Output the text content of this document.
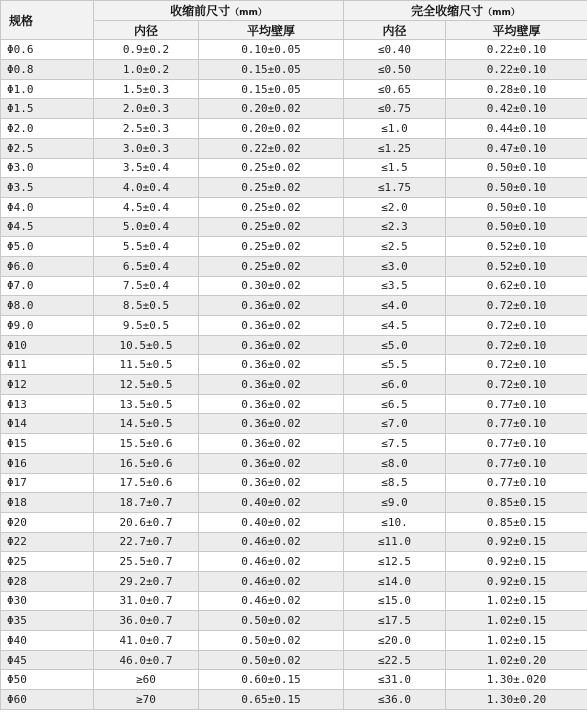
规格	收缩前尺寸（mm）		完全收缩尺寸（mm）	
	内径	平均壁厚	内径	平均壁厚
Φ0.6	0.9±0.2	0.10±0.05	≤0.40	0.22±0.10
Φ0.8	1.0±0.2	0.15±0.05	≤0.50	0.22±0.10
Φ1.0	1.5±0.3	0.15±0.05	≤0.65	0.28±0.10
Φ1.5	2.0±0.3	0.20±0.02	≤0.75	0.42±0.10
Φ2.0	2.5±0.3	0.20±0.02	≤1.0	0.44±0.10
Φ2.5	3.0±0.3	0.22±0.02	≤1.25	0.47±0.10
Φ3.0	3.5±0.4	0.25±0.02	≤1.5	0.50±0.10
Φ3.5	4.0±0.4	0.25±0.02	≤1.75	0.50±0.10
Φ4.0	4.5±0.4	0.25±0.02	≤2.0	0.50±0.10
Φ4.5	5.0±0.4	0.25±0.02	≤2.3	0.50±0.10
Φ5.0	5.5±0.4	0.25±0.02	≤2.5	0.52±0.10
Φ6.0	6.5±0.4	0.25±0.02	≤3.0	0.52±0.10
Φ7.0	7.5±0.4	0.30±0.02	≤3.5	0.62±0.10
Φ8.0	8.5±0.5	0.36±0.02	≤4.0	0.72±0.10
Φ9.0	9.5±0.5	0.36±0.02	≤4.5	0.72±0.10
Φ10	10.5±0.5	0.36±0.02	≤5.0	0.72±0.10
Φ11	11.5±0.5	0.36±0.02	≤5.5	0.72±0.10
Φ12	12.5±0.5	0.36±0.02	≤6.0	0.72±0.10
Φ13	13.5±0.5	0.36±0.02	≤6.5	0.77±0.10
Φ14	14.5±0.5	0.36±0.02	≤7.0	0.77±0.10
Φ15	15.5±0.6	0.36±0.02	≤7.5	0.77±0.10
Φ16	16.5±0.6	0.36±0.02	≤8.0	0.77±0.10
Φ17	17.5±0.6	0.36±0.02	≤8.5	0.77±0.10
Φ18	18.7±0.7	0.40±0.02	≤9.0	0.85±0.15
Φ20	20.6±0.7	0.40±0.02	≤10.	0.85±0.15
Φ22	22.7±0.7	0.46±0.02	≤11.0	0.92±0.15
Φ25	25.5±0.7	0.46±0.02	≤12.5	0.92±0.15
Φ28	29.2±0.7	0.46±0.02	≤14.0	0.92±0.15
Φ30	31.0±0.7	0.46±0.02	≤15.0	1.02±0.15
Φ35	36.0±0.7	0.50±0.02	≤17.5	1.02±0.15
Φ40	41.0±0.7	0.50±0.02	≤20.0	1.02±0.15
Φ45	46.0±0.7	0.50±0.02	≤22.5	1.02±0.20
Φ50	≥60	0.60±0.15	≤31.0	1.30±.020
Φ60	≥70	0.65±0.15	≤36.0	1.30±0.20
